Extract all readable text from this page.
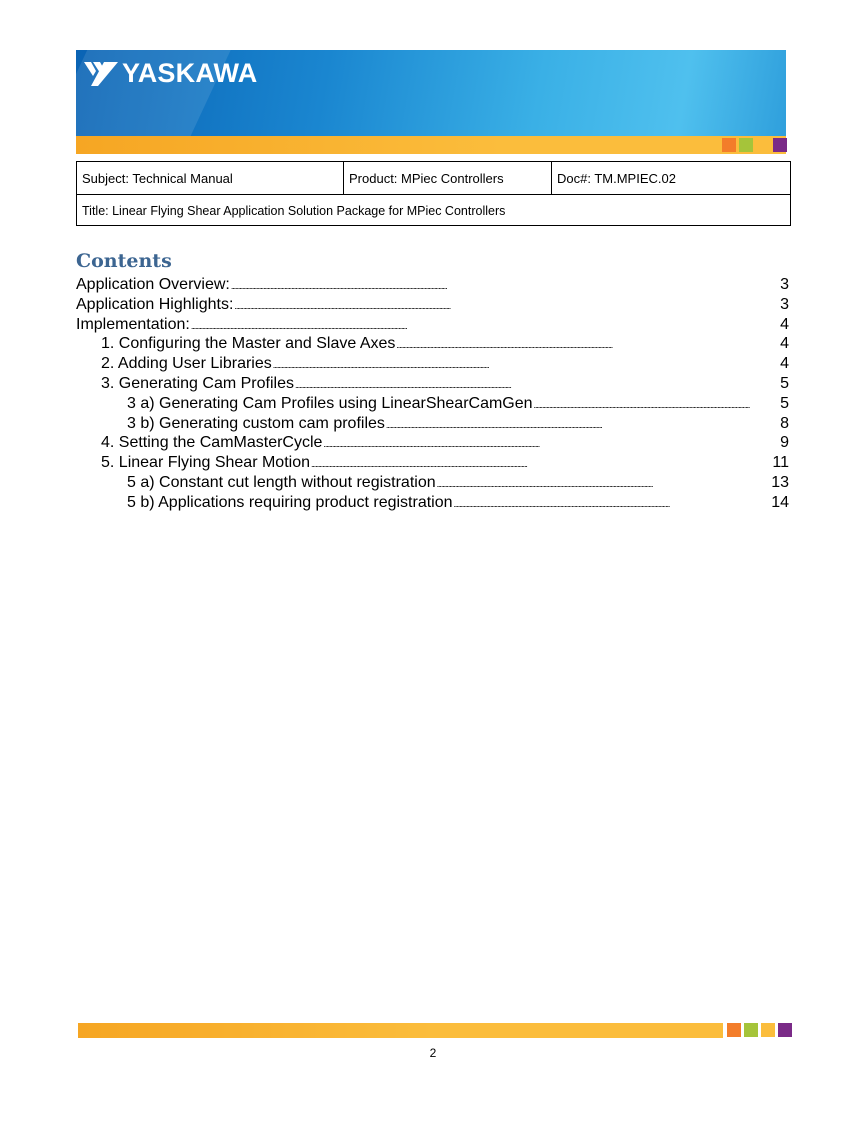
YASKAWA
Subject: Technical Manual	Product: MPiec Controllers	Doc#: TM.MPIEC.02
Title: Linear Flying Shear Application Solution Package for MPiec Controllers
Contents
Application Overview: . . .	3
Application Highlights: . . .	3
Implementation: . . .	4
1. Configuring the Master and Slave Axes . . .	4
2. Adding User Libraries . . .	4
3. Generating Cam Profiles . . .	5
3 a) Generating Cam Profiles using LinearShearCamGen . . .	5
3 b) Generating custom cam profiles . . .	8
4. Setting the CamMasterCycle . . .	9
5. Linear Flying Shear Motion . . .	11
5 a) Constant cut length without registration . . .	13
5 b) Applications requiring product registration . . .	14
2
